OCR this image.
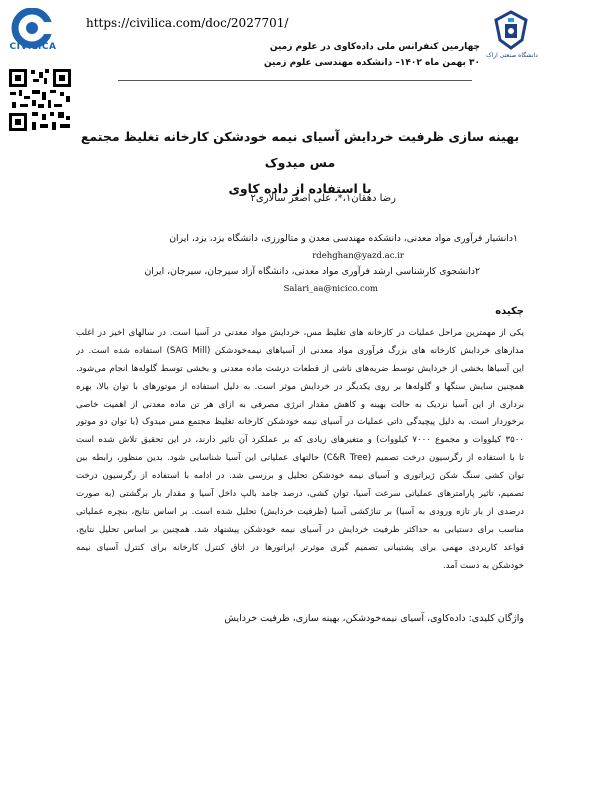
CIVILICA
https://civilica.com/doc/2027701/
دانشگاه صنعتی اراک
چهارمین کنفرانس ملی داده‌کاوی در علوم زمین
۳۰ بهمن ماه ۱۴۰۲– دانشکده مهندسی علوم زمین
بهینه سازی ظرفیت خردایش آسیای نیمه خودشکن کارخانه تغلیظ مجتمع مس میدوک
با استفاده از داده کاوی
رضا دهقان۱،*، علی اصغر سالاری۲
۱دانشیار فرآوری مواد معدنی، دانشکده مهندسی معدن و متالورزی، دانشگاه یزد، یزد، ایران
rdehghan@yazd.ac.ir
۲دانشجوی کارشناسی ارشد فرآوری مواد معدنی، دانشگاه آزاد سیرجان، سیرجان، ایران
Salari_aa@nicico.com
چکیده
یکی از مهمترین مراحل عملیات در کارخانه های تغلیظ مس، خردایش مواد معدنی در آسیا است. در سالهای اخیر در اغلب
مدارهای خردایش کارخانه های بزرگ فرآوری مواد معدنی از آسیاهای نیمه‌خودشکن (SAG Mill) استفاده شده است. در
این آسیاها بخشی از خردایش توسط ضربه‌های ناشی از قطعات درشت ماده معدنی و بخشی توسط گلوله‌ها انجام می‌شود.
همچنین سایش سنگها و گلوله‌ها بر روی یکدیگر در خردایش موثر است. به دلیل استفاده از موتورهای با توان بالا، بهره
برداری از این آسیا نزدیک به حالت بهینه و کاهش مقدار انرژی مصرفی به ازای هر تن ماده معدنی از اهمیت خاصی
برخوردار است. به دلیل پیچیدگی ذاتی عملیات در آسیای نیمه خودشکن کارخانه تغلیظ مجتمع مس میدوک (با توان دو موتور
۳۵۰۰ کیلووات و مجموع ۷۰۰۰ کیلووات) و متغیرهای زیادی که بر عملکرد آن تاثیر دارند، در این تحقیق تلاش شده است
تا با استفاده از رگرسیون درخت تصمیم (C&R Tree) حالتهای عملیاتی این آسیا شناسایی شود. بدین منظور، رابطه بین
توان کشی سنگ شکن ژیراتوری و آسیای نیمه خودشکن تحلیل و بررسی شد. در ادامه با استفاده از رگرسیون درخت
تصمیم، تاثیر پارامترهای عملیاتی سرعت آسیا، توان کشی، درصد جامد بالپ داخل آسیا و مقدار بار برگشتی (به صورت
درصدی از بار تازه ورودی به آسیا) بر تناژکشی آسیا (ظرفیت خردایش) تحلیل شده است. بر اساس نتایج، بنچره عملیاتی
مناسب برای دستیابی به حداکثر ظرفیت خردایش در آسیای نیمه خودشکن پیشنهاد شد. همچنین بر اساس تحلیل نتایج،
قواعد کاربردی مهمی برای پشتیبانی تصمیم گیری موثرتر اپراتورها در اتاق کنترل کارخانه برای کنترل آسیای نیمه
خودشکن به دست آمد.
واژگان کلیدی: داده‌کاوی، آسیای نیمه‌خودشکن، بهینه سازی، ظرفیت خردایش
